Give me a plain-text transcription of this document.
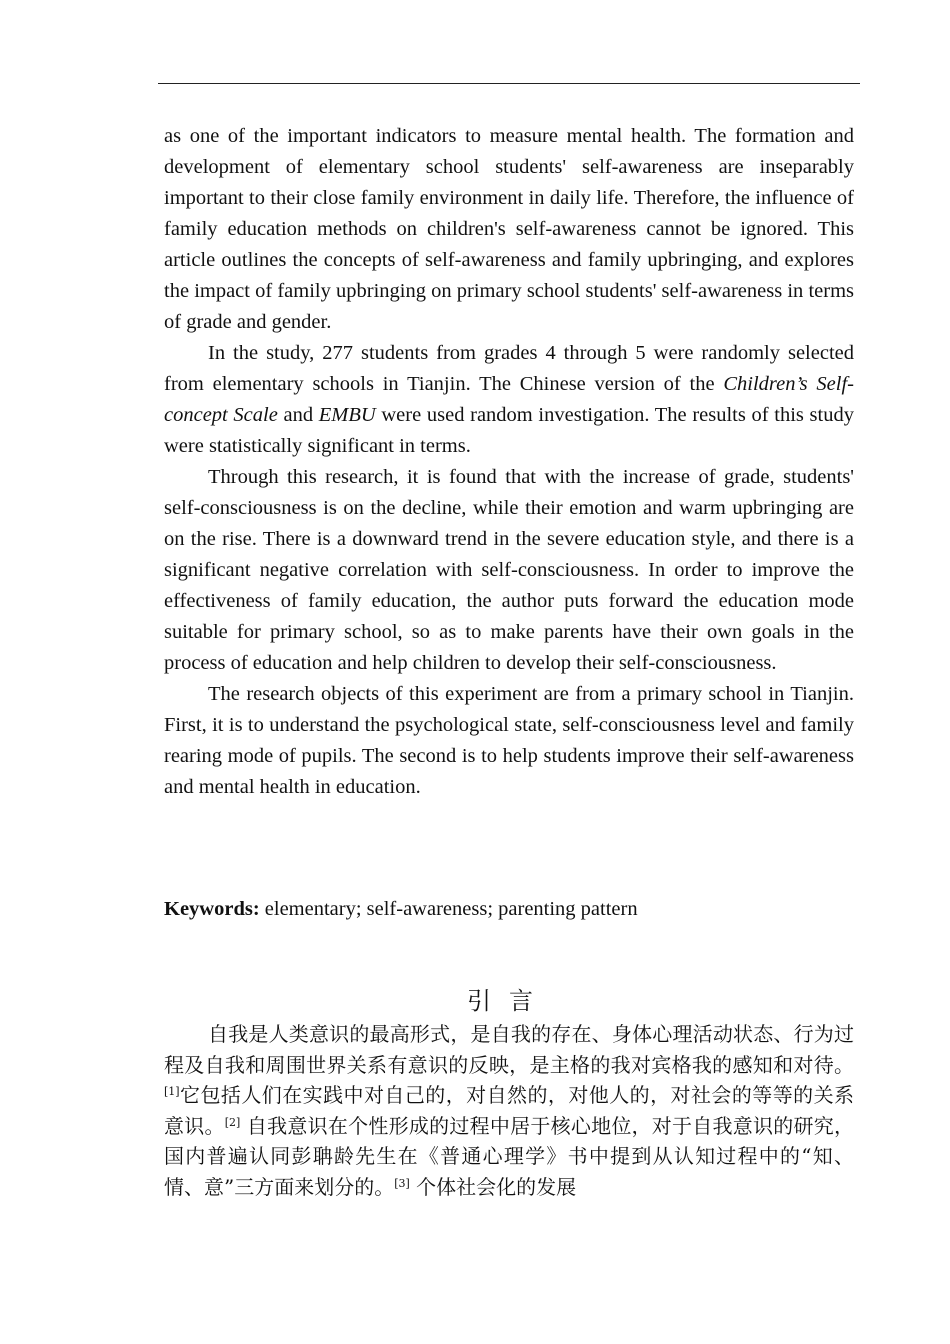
as one of the important indicators to measure mental health. The formation and development of elementary school students' self-awareness are inseparably important to their close family environment in daily life. Therefore, the influence of family education methods on children's self-awareness cannot be ignored. This article outlines the concepts of self-awareness and family upbringing, and explores the impact of family upbringing on primary school students' self-awareness in terms of grade and gender.

In the study, 277 students from grades 4 through 5 were randomly selected from elementary schools in Tianjin. The Chinese version of the Children’s Self-concept Scale and EMBU were used random investigation. The results of this study were statistically significant in terms.

Through this research, it is found that with the increase of grade, students' self-consciousness is on the decline, while their emotion and warm upbringing are on the rise. There is a downward trend in the severe education style, and there is a significant negative correlation with self-consciousness. In order to improve the effectiveness of family education, the author puts forward the education mode suitable for primary school, so as to make parents have their own goals in the process of education and help children to develop their self-consciousness.

The research objects of this experiment are from a primary school in Tianjin. First, it is to understand the psychological state, self-consciousness level and family rearing mode of pupils. The second is to help students improve their self-awareness and mental health in education.

Keywords: elementary; self-awareness; parenting pattern
引言
自我是人类意识的最高形式，是自我的存在、身体心理活动状态、行为过程及自我和周围世界关系有意识的反映，是主格的我对宾格我的感知和对待。[1]它包括人们在实践中对自己的，对自然的，对他人的，对社会的等等的关系意识。[2] 自我意识在个性形成的过程中居于核心地位，对于自我意识的研究，国内普遍认同彭聃龄先生在《普通心理学》书中提到从认知过程中的“知、情、意”三方面来划分的。[3] 个体社会化的发展
